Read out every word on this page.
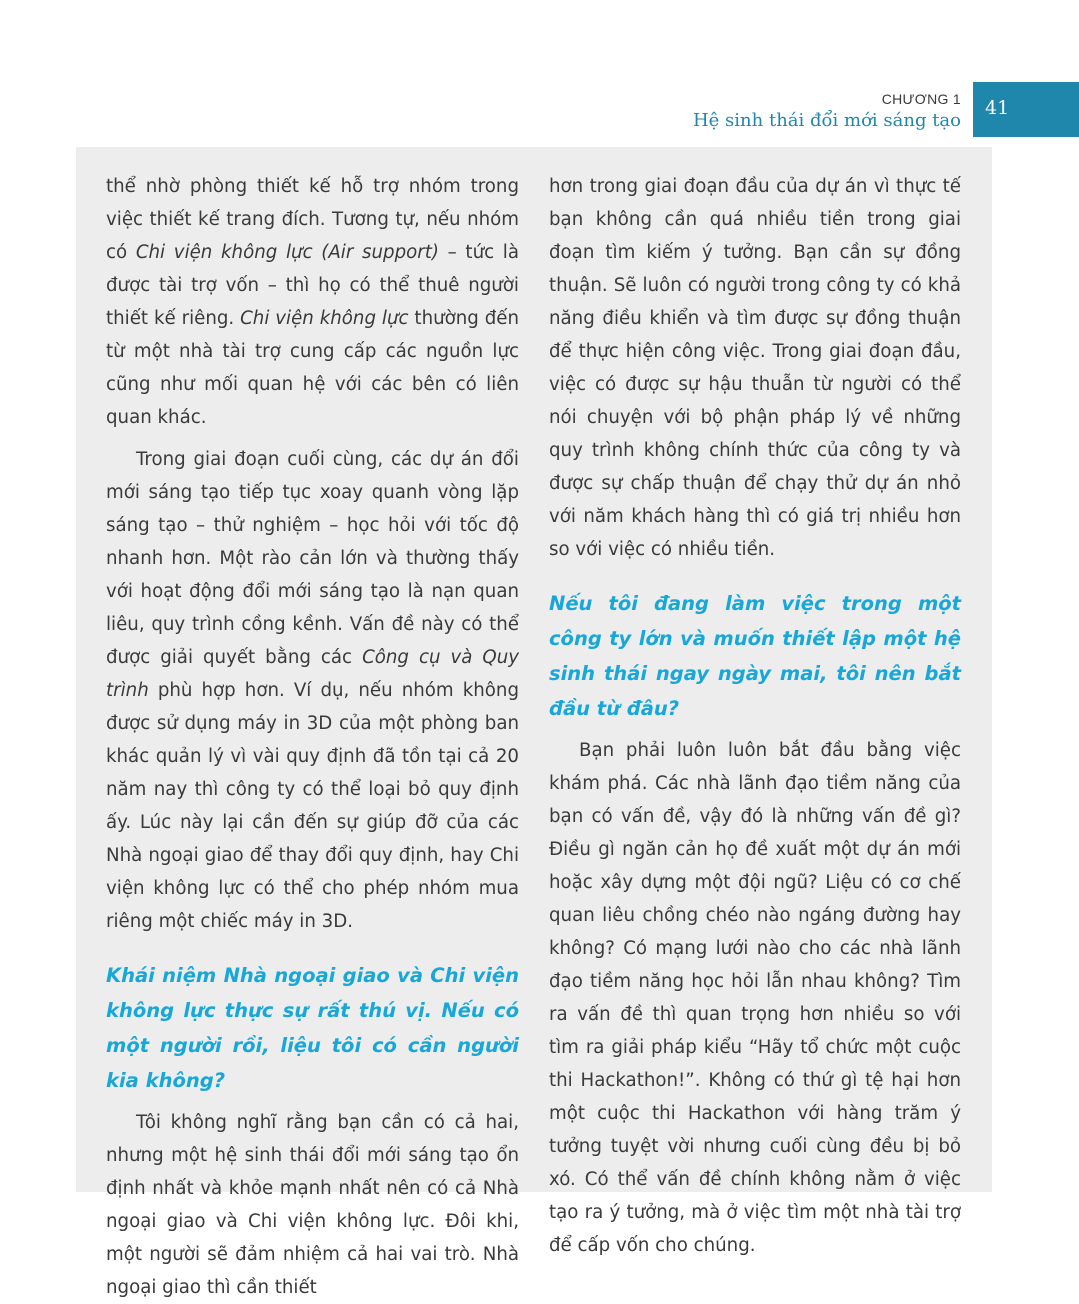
CHƯƠNG 1
Hệ sinh thái đổi mới sáng tạo
41

thể nhờ phòng thiết kế hỗ trợ nhóm trong việc thiết kế trang đích. Tương tự, nếu nhóm có Chi viện không lực (Air support) – tức là được tài trợ vốn – thì họ có thể thuê người thiết kế riêng. Chi viện không lực thường đến từ một nhà tài trợ cung cấp các nguồn lực cũng như mối quan hệ với các bên có liên quan khác.

Trong giai đoạn cuối cùng, các dự án đổi mới sáng tạo tiếp tục xoay quanh vòng lặp sáng tạo – thử nghiệm – học hỏi với tốc độ nhanh hơn. Một rào cản lớn và thường thấy với hoạt động đổi mới sáng tạo là nạn quan liêu, quy trình cồng kềnh. Vấn đề này có thể được giải quyết bằng các Công cụ và Quy trình phù hợp hơn. Ví dụ, nếu nhóm không được sử dụng máy in 3D của một phòng ban khác quản lý vì vài quy định đã tồn tại cả 20 năm nay thì công ty có thể loại bỏ quy định ấy. Lúc này lại cần đến sự giúp đỡ của các Nhà ngoại giao để thay đổi quy định, hay Chi viện không lực có thể cho phép nhóm mua riêng một chiếc máy in 3D.

Khái niệm Nhà ngoại giao và Chi viện không lực thực sự rất thú vị. Nếu có một người rồi, liệu tôi có cần người kia không?

Tôi không nghĩ rằng bạn cần có cả hai, nhưng một hệ sinh thái đổi mới sáng tạo ổn định nhất và khỏe mạnh nhất nên có cả Nhà ngoại giao và Chi viện không lực. Đôi khi, một người sẽ đảm nhiệm cả hai vai trò. Nhà ngoại giao thì cần thiết

hơn trong giai đoạn đầu của dự án vì thực tế bạn không cần quá nhiều tiền trong giai đoạn tìm kiếm ý tưởng. Bạn cần sự đồng thuận. Sẽ luôn có người trong công ty có khả năng điều khiển và tìm được sự đồng thuận để thực hiện công việc. Trong giai đoạn đầu, việc có được sự hậu thuẫn từ người có thể nói chuyện với bộ phận pháp lý về những quy trình không chính thức của công ty và được sự chấp thuận để chạy thử dự án nhỏ với năm khách hàng thì có giá trị nhiều hơn so với việc có nhiều tiền.

Nếu tôi đang làm việc trong một công ty lớn và muốn thiết lập một hệ sinh thái ngay ngày mai, tôi nên bắt đầu từ đâu?

Bạn phải luôn luôn bắt đầu bằng việc khám phá. Các nhà lãnh đạo tiềm năng của bạn có vấn đề, vậy đó là những vấn đề gì? Điều gì ngăn cản họ đề xuất một dự án mới hoặc xây dựng một đội ngũ? Liệu có cơ chế quan liêu chồng chéo nào ngáng đường hay không? Có mạng lưới nào cho các nhà lãnh đạo tiềm năng học hỏi lẫn nhau không? Tìm ra vấn đề thì quan trọng hơn nhiều so với tìm ra giải pháp kiểu “Hãy tổ chức một cuộc thi Hackathon!”. Không có thứ gì tệ hại hơn một cuộc thi Hackathon với hàng trăm ý tưởng tuyệt vời nhưng cuối cùng đều bị bỏ xó. Có thể vấn đề chính không nằm ở việc tạo ra ý tưởng, mà ở việc tìm một nhà tài trợ để cấp vốn cho chúng.
